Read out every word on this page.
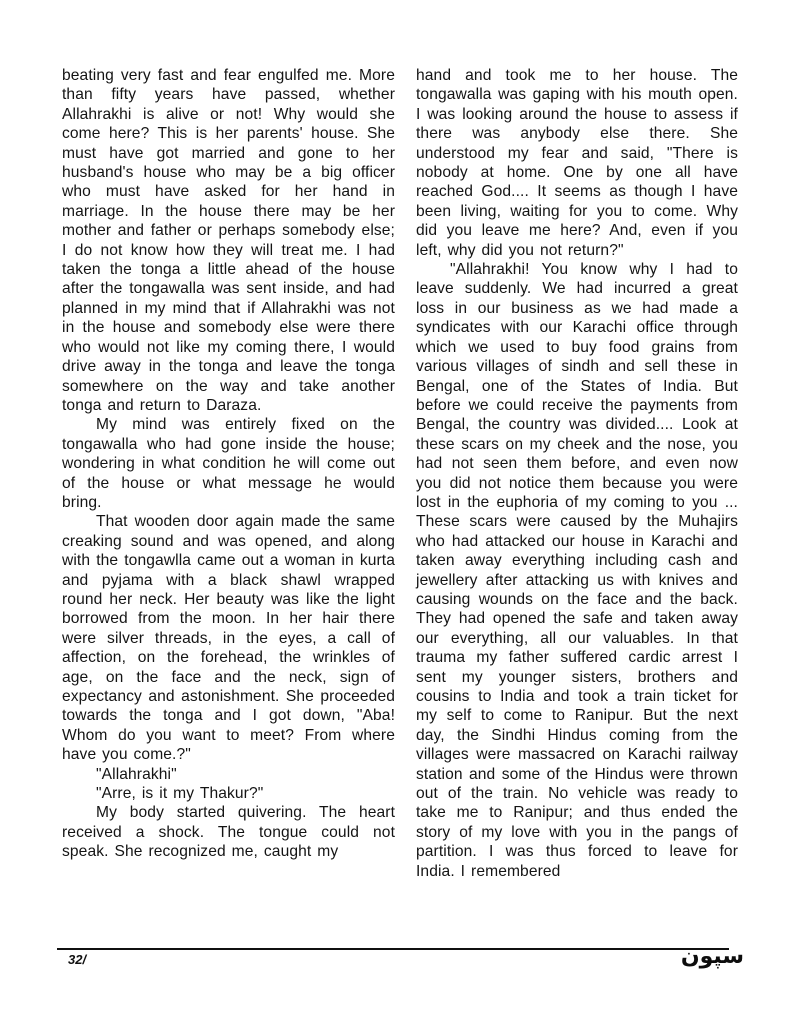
beating very fast and fear engulfed me. More than fifty years have passed, whether Allahrakhi is alive or not! Why would she come here? This is her parents' house. She must have got married and gone to her husband's house who may be a big officer who must have asked for her hand in marriage. In the house there may be her mother and father or perhaps somebody else; I do not know how they will treat me. I had taken the tonga a little ahead of the house after the tongawalla was sent inside, and had planned in my mind that if Allahrakhi was not in the house and somebody else were there who would not like my coming there, I would drive away in the tonga and leave the tonga somewhere on the way and take another tonga and return to Daraza.

My mind was entirely fixed on the tongawalla who had gone inside the house; wondering in what condition he will come out of the house or what message he would bring.

That wooden door again made the same creaking sound and was opened, and along with the tongawlla came out a woman in kurta and pyjama with a black shawl wrapped round her neck. Her beauty was like the light borrowed from the moon. In her hair there were silver threads, in the eyes, a call of affection, on the forehead, the wrinkles of age, on the face and the neck, sign of expectancy and astonishment. She proceeded towards the tonga and I got down, "Aba! Whom do you want to meet? From where have you come.?"

"Allahrakhi"

"Arre, is it my Thakur?"

My body started quivering. The heart received a shock. The tongue could not speak. She recognized me, caught my

hand and took me to her house. The tongawalla was gaping with his mouth open. I was looking around the house to assess if there was anybody else there. She understood my fear and said, "There is nobody at home. One by one all have reached God.... It seems as though I have been living, waiting for you to come. Why did you leave me here? And, even if you left, why did you not return?"

"Allahrakhi! You know why I had to leave suddenly. We had incurred a great loss in our business as we had made a syndicates with our Karachi office through which we used to buy food grains from various villages of sindh and sell these in Bengal, one of the States of India. But before we could receive the payments from Bengal, the country was divided.... Look at these scars on my cheek and the nose, you had not seen them before, and even now you did not notice them because you were lost in the euphoria of my coming to you ... These scars were caused by the Muhajirs who had attacked our house in Karachi and taken away everything including cash and jewellery after attacking us with knives and causing wounds on the face and the back. They had opened the safe and taken away our everything, all our valuables. In that trauma my father suffered cardic arrest I sent my younger sisters, brothers and cousins to India and took a train ticket for my self to come to Ranipur. But the next day, the Sindhi Hindus coming from the villages were massacred on Karachi railway station and some of the Hindus were thrown out of the train. No vehicle was ready to take me to Ranipur; and thus ended the story of my love with you in the pangs of partition. I was thus forced to leave for India. I remembered

32/	سپون
